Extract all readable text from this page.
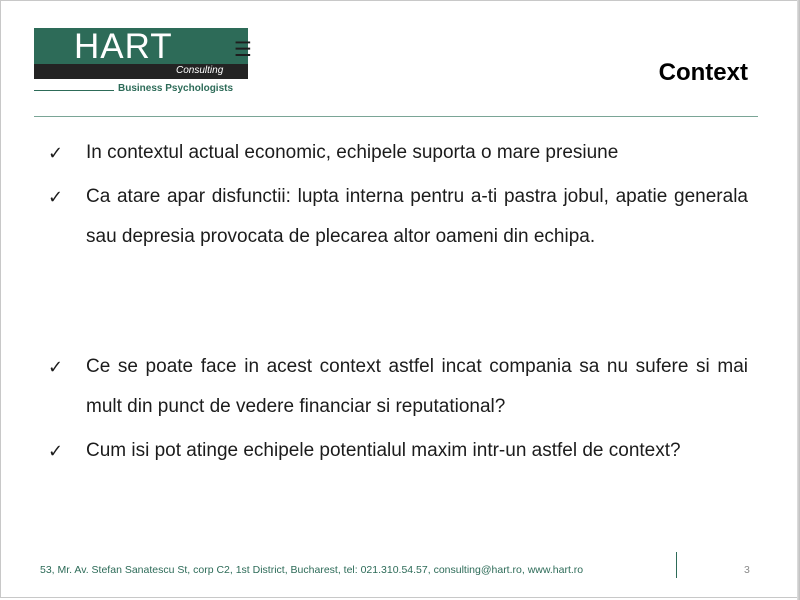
HART
Consulting
☰
Business Psychologists
Context
✓ In contextul actual economic, echipele suporta o mare presiune
✓ Ca atare apar disfunctii: lupta interna pentru a-ti pastra jobul, apatie generala sau depresia provocata de plecarea altor oameni din echipa.
✓ Ce se poate face in acest context astfel incat compania sa nu sufere si mai mult din punct de vedere financiar si reputational?
✓ Cum isi pot atinge echipele potentialul maxim intr-un astfel de context?
53, Mr. Av. Stefan Sanatescu St, corp C2, 1st District, Bucharest, tel: 021.310.54.57, consulting@hart.ro, www.hart.ro	3
